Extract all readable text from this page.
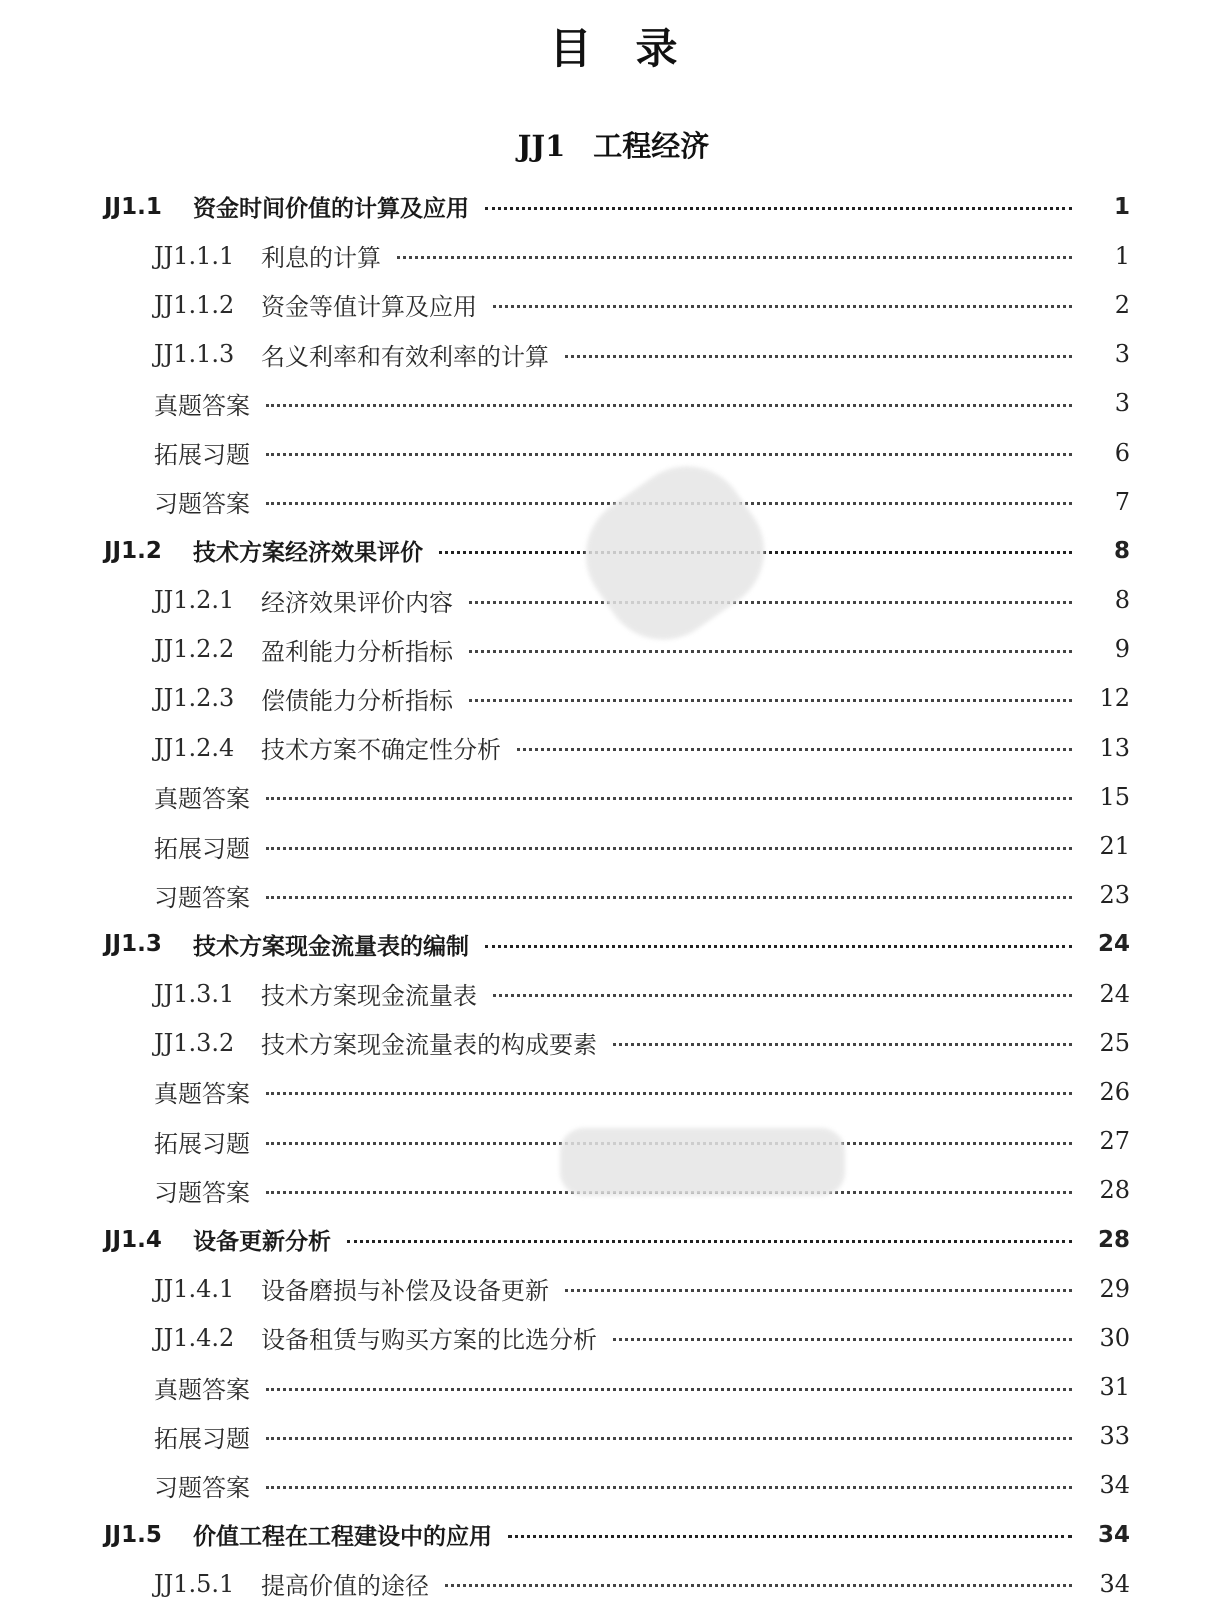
目录
JJ1 工程经济
JJ1.1	资金时间价值的计算及应用	1
JJ1.1.1	利息的计算	1
JJ1.1.2	资金等值计算及应用	2
JJ1.1.3	名义利率和有效利率的计算	3
真题答案	3
拓展习题	6
习题答案	7
JJ1.2	技术方案经济效果评价	8
JJ1.2.1	经济效果评价内容	8
JJ1.2.2	盈利能力分析指标	9
JJ1.2.3	偿债能力分析指标	12
JJ1.2.4	技术方案不确定性分析	13
真题答案	15
拓展习题	21
习题答案	23
JJ1.3	技术方案现金流量表的编制	24
JJ1.3.1	技术方案现金流量表	24
JJ1.3.2	技术方案现金流量表的构成要素	25
真题答案	26
拓展习题	27
习题答案	28
JJ1.4	设备更新分析	28
JJ1.4.1	设备磨损与补偿及设备更新	29
JJ1.4.2	设备租赁与购买方案的比选分析	30
真题答案	31
拓展习题	33
习题答案	34
JJ1.5	价值工程在工程建设中的应用	34
JJ1.5.1	提高价值的途径	34
